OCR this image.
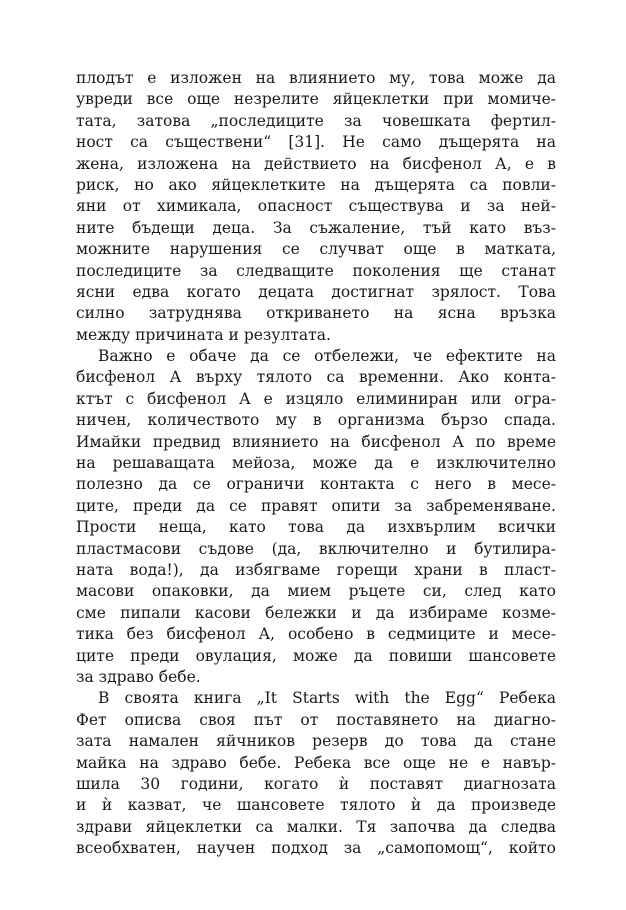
плодът е изложен на влиянието му, това може да
увреди все още незрелите яйцеклетки при момиче-
тата, затова „последиците за човешката фертил-
ност са съществени“ [31]. Не само дъщерята на
жена, изложена на действието на бисфенол А, е в
риск, но ако яйцеклетките на дъщерята са повли-
яни от химикала, опасност съществува и за ней-
ните бъдещи деца. За съжаление, тъй като въз-
можните нарушения се случват още в матката,
последиците за следващите поколения ще станат
ясни едва когато децата достигнат зрялост. Това
силно затруднява откриването на ясна връзка
между причината и резултата.
Важно е обаче да се отбележи, че ефектите на
бисфенол А върху тялото са временни. Ако конта-
ктът с бисфенол А е изцяло елиминиран или огра-
ничен, количеството му в организма бързо спада.
Имайки предвид влиянието на бисфенол А по време
на решаващата мейоза, може да е изключително
полезно да се ограничи контакта с него в месе-
ците, преди да се правят опити за забременяване.
Прости неща, като това да изхвърлим всички
пластмасови съдове (да, включително и бутилира-
ната вода!), да избягваме горещи храни в пласт-
масови опаковки, да мием ръцете си, след като
сме пипали касови бележки и да избираме козме-
тика без бисфенол А, особено в седмиците и месе-
ците преди овулация, може да повиши шансовете
за здраво бебе.
В своята книга „It Starts with the Egg“ Ребека
Фет описва своя път от поставянето на диагно-
зата намален яйчников резерв до това да стане
майка на здраво бебе. Ребека все още не е навър-
шила 30 години, когато ѝ поставят диагнозата
и ѝ казват, че шансовете тялото ѝ да произведе
здрави яйцеклетки са малки. Тя започва да следва
всеобхватен, научен подход за „самопомощ“, който
